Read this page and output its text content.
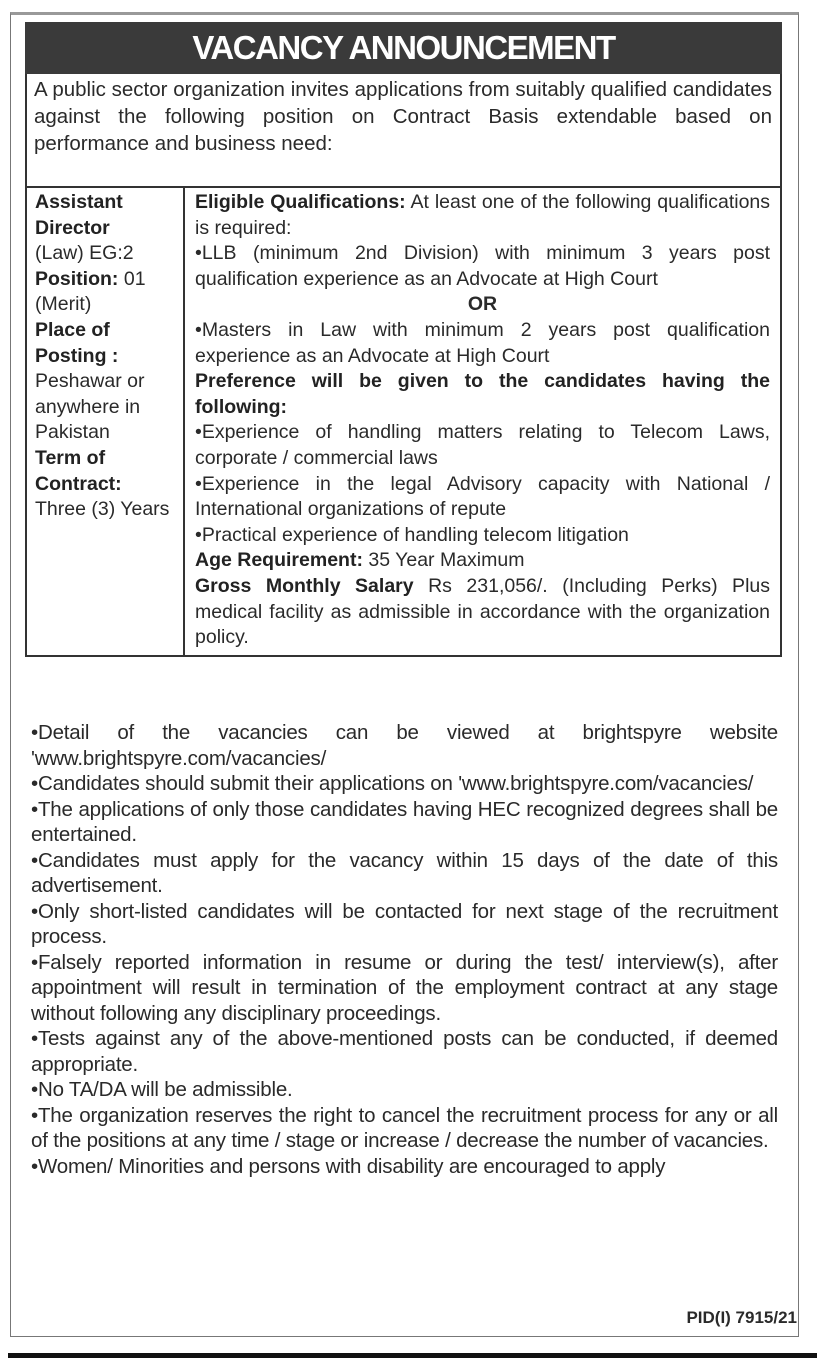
VACANCY ANNOUNCEMENT
A public sector organization invites applications from suitably qualified candidates against the following position on Contract Basis extendable based on performance and business need:
Assistant Director
(Law) EG:2
Position: 01 (Merit)
Place of Posting :
Peshawar or anywhere in Pakistan
Term of Contract:
Three (3) Years

Eligible Qualifications: At least one of the following qualifications is required:
•LLB (minimum 2nd Division) with minimum 3 years post qualification experience as an Advocate at High Court
OR
•Masters in Law with minimum 2 years post qualification experience as an Advocate at High Court
Preference will be given to the candidates having the following:
•Experience of handling matters relating to Telecom Laws, corporate / commercial laws
•Experience in the legal Advisory capacity with National / International organizations of repute
•Practical experience of handling telecom litigation
Age Requirement: 35 Year Maximum
Gross Monthly Salary Rs 231,056/. (Including Perks) Plus medical facility as admissible in accordance with the organization policy.

•Detail of the vacancies can be viewed at brightspyre website 'www.brightspyre.com/vacancies/

•Candidates should submit their applications on 'www.brightspyre.com/vacancies/

•The applications of only those candidates having HEC recognized degrees shall be entertained.

•Candidates must apply for the vacancy within 15 days of the date of this advertisement.

•Only short-listed candidates will be contacted for next stage of the recruitment process.

•Falsely reported information in resume or during the test/ interview(s), after appointment will result in termination of the employment contract at any stage without following any disciplinary proceedings.

•Tests against any of the above-mentioned posts can be conducted, if deemed appropriate.

•No TA/DA will be admissible.

•The organization reserves the right to cancel the recruitment process for any or all of the positions at any time / stage or increase / decrease the number of vacancies.

•Women/ Minorities and persons with disability are encouraged to apply

PID(I) 7915/21
